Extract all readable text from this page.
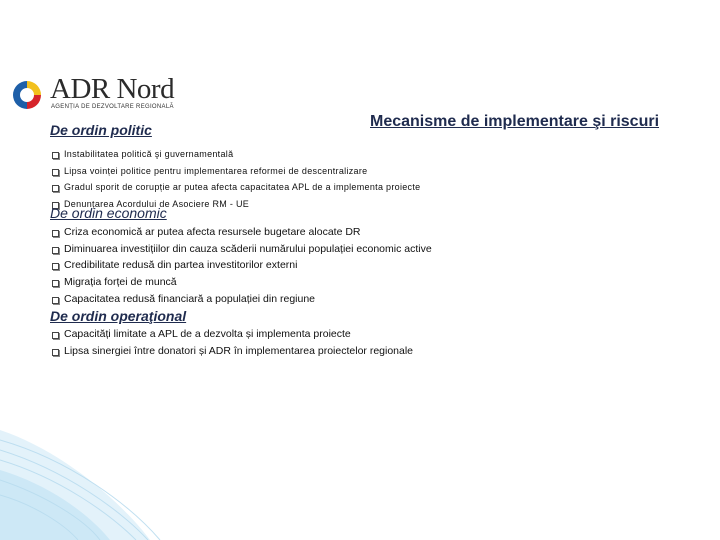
ADR Nord
AGENȚIA DE DEZVOLTARE REGIONALĂ
Mecanisme de implementare şi riscuri
De ordin politic
Instabilitatea politică şi guvernamentală
Lipsa voinței politice pentru implementarea reformei de descentralizare
Gradul sporit de corupție ar putea afecta capacitatea APL de a implementa proiecte
Denunțarea Acordului de Asociere RM - UE
De ordin economic
Criza economică ar putea afecta resursele bugetare alocate DR
Diminuarea investițiilor din cauza scăderii numărului populației economic active
Credibilitate redusă din partea investitorilor externi
Migrația forței de muncă
Capacitatea redusă financiară a populației din regiune
De ordin operaţional
Capacități limitate a APL de a dezvolta și implementa proiecte
Lipsa sinergiei între donatori și ADR în implementarea proiectelor regionale
